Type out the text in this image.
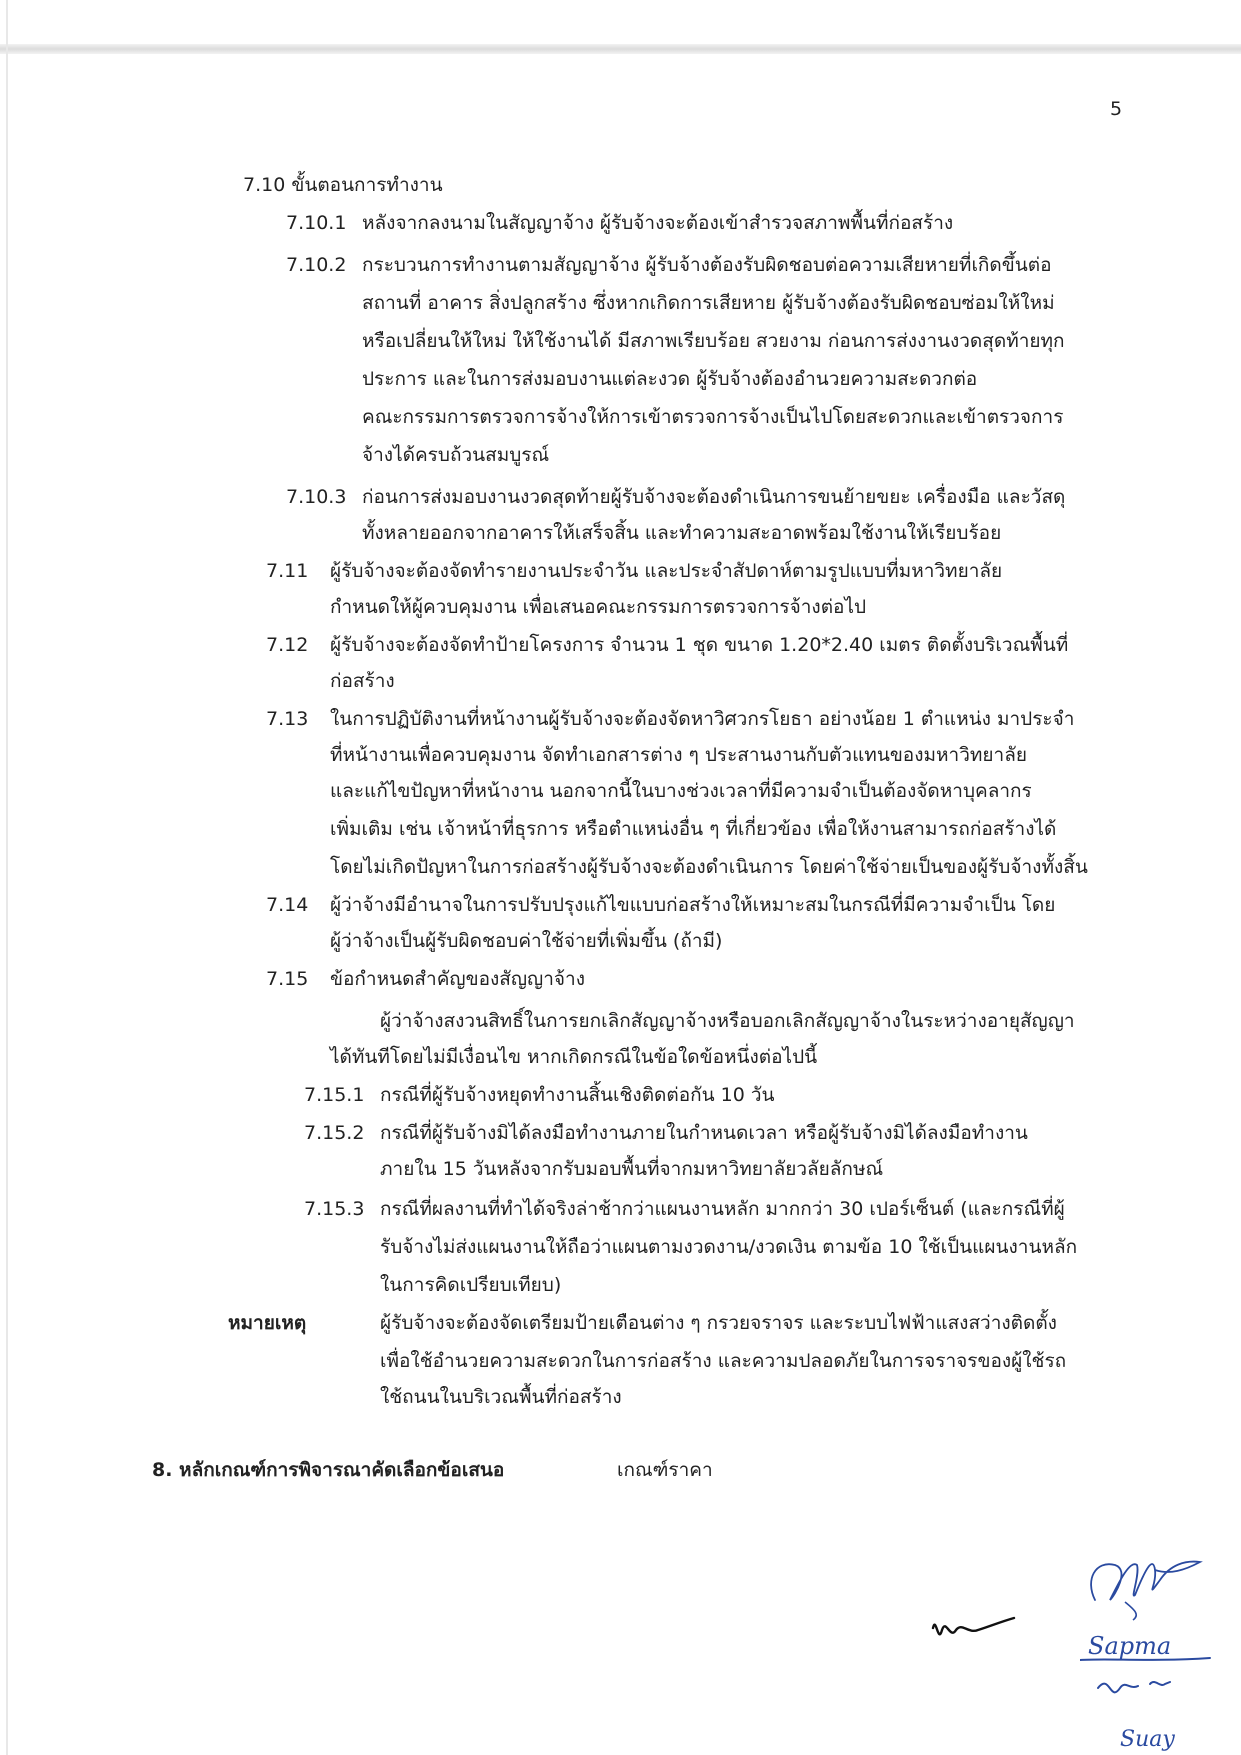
5
7.10 ขั้นตอนการทำงาน
7.10.1 หลังจากลงนามในสัญญาจ้าง ผู้รับจ้างจะต้องเข้าสำรวจสภาพพื้นที่ก่อสร้าง
7.10.2 กระบวนการทำงานตามสัญญาจ้าง ผู้รับจ้างต้องรับผิดชอบต่อความเสียหายที่เกิดขึ้นต่อ
สถานที่ อาคาร สิ่งปลูกสร้าง ซึ่งหากเกิดการเสียหาย ผู้รับจ้างต้องรับผิดชอบซ่อมให้ใหม่
หรือเปลี่ยนให้ใหม่ ให้ใช้งานได้ มีสภาพเรียบร้อย สวยงาม ก่อนการส่งงานงวดสุดท้ายทุก
ประการ และในการส่งมอบงานแต่ละงวด ผู้รับจ้างต้องอำนวยความสะดวกต่อ
คณะกรรมการตรวจการจ้างให้การเข้าตรวจการจ้างเป็นไปโดยสะดวกและเข้าตรวจการ
จ้างได้ครบถ้วนสมบูรณ์
7.10.3 ก่อนการส่งมอบงานงวดสุดท้ายผู้รับจ้างจะต้องดำเนินการขนย้ายขยะ เครื่องมือ และวัสดุ
ทั้งหลายออกจากอาคารให้เสร็จสิ้น และทำความสะอาดพร้อมใช้งานให้เรียบร้อย
7.11 ผู้รับจ้างจะต้องจัดทำรายงานประจำวัน และประจำสัปดาห์ตามรูปแบบที่มหาวิทยาลัย
กำหนดให้ผู้ควบคุมงาน เพื่อเสนอคณะกรรมการตรวจการจ้างต่อไป
7.12 ผู้รับจ้างจะต้องจัดทำป้ายโครงการ จำนวน 1 ชุด ขนาด 1.20*2.40 เมตร ติดตั้งบริเวณพื้นที่
ก่อสร้าง
7.13 ในการปฏิบัติงานที่หน้างานผู้รับจ้างจะต้องจัดหาวิศวกรโยธา อย่างน้อย 1 ตำแหน่ง มาประจำ
ที่หน้างานเพื่อควบคุมงาน จัดทำเอกสารต่าง ๆ ประสานงานกับตัวแทนของมหาวิทยาลัย
และแก้ไขปัญหาที่หน้างาน นอกจากนี้ในบางช่วงเวลาที่มีความจำเป็นต้องจัดหาบุคลากร
เพิ่มเติม เช่น เจ้าหน้าที่ธุรการ หรือตำแหน่งอื่น ๆ ที่เกี่ยวข้อง เพื่อให้งานสามารถก่อสร้างได้
โดยไม่เกิดปัญหาในการก่อสร้างผู้รับจ้างจะต้องดำเนินการ โดยค่าใช้จ่ายเป็นของผู้รับจ้างทั้งสิ้น
7.14 ผู้ว่าจ้างมีอำนาจในการปรับปรุงแก้ไขแบบก่อสร้างให้เหมาะสมในกรณีที่มีความจำเป็น โดย
ผู้ว่าจ้างเป็นผู้รับผิดชอบค่าใช้จ่ายที่เพิ่มขึ้น (ถ้ามี)
7.15 ข้อกำหนดสำคัญของสัญญาจ้าง
ผู้ว่าจ้างสงวนสิทธิ์ในการยกเลิกสัญญาจ้างหรือบอกเลิกสัญญาจ้างในระหว่างอายุสัญญา
ได้ทันทีโดยไม่มีเงื่อนไข หากเกิดกรณีในข้อใดข้อหนึ่งต่อไปนี้
7.15.1 กรณีที่ผู้รับจ้างหยุดทำงานสิ้นเชิงติดต่อกัน 10 วัน
7.15.2 กรณีที่ผู้รับจ้างมิได้ลงมือทำงานภายในกำหนดเวลา หรือผู้รับจ้างมิได้ลงมือทำงาน
ภายใน 15 วันหลังจากรับมอบพื้นที่จากมหาวิทยาลัยวลัยลักษณ์
7.15.3 กรณีที่ผลงานที่ทำได้จริงล่าช้ากว่าแผนงานหลัก มากกว่า 30 เปอร์เซ็นต์ (และกรณีที่ผู้
รับจ้างไม่ส่งแผนงานให้ถือว่าแผนตามงวดงาน/งวดเงิน ตามข้อ 10 ใช้เป็นแผนงานหลัก
ในการคิดเปรียบเทียบ)
หมายเหตุ	ผู้รับจ้างจะต้องจัดเตรียมป้ายเตือนต่าง ๆ กรวยจราจร และระบบไฟฟ้าแสงสว่างติดตั้ง
เพื่อใช้อำนวยความสะดวกในการก่อสร้าง และความปลอดภัยในการจราจรของผู้ใช้รถ
ใช้ถนนในบริเวณพื้นที่ก่อสร้าง
8. หลักเกณฑ์การพิจารณาคัดเลือกข้อเสนอ	เกณฑ์ราคา
Sapma
Suay
